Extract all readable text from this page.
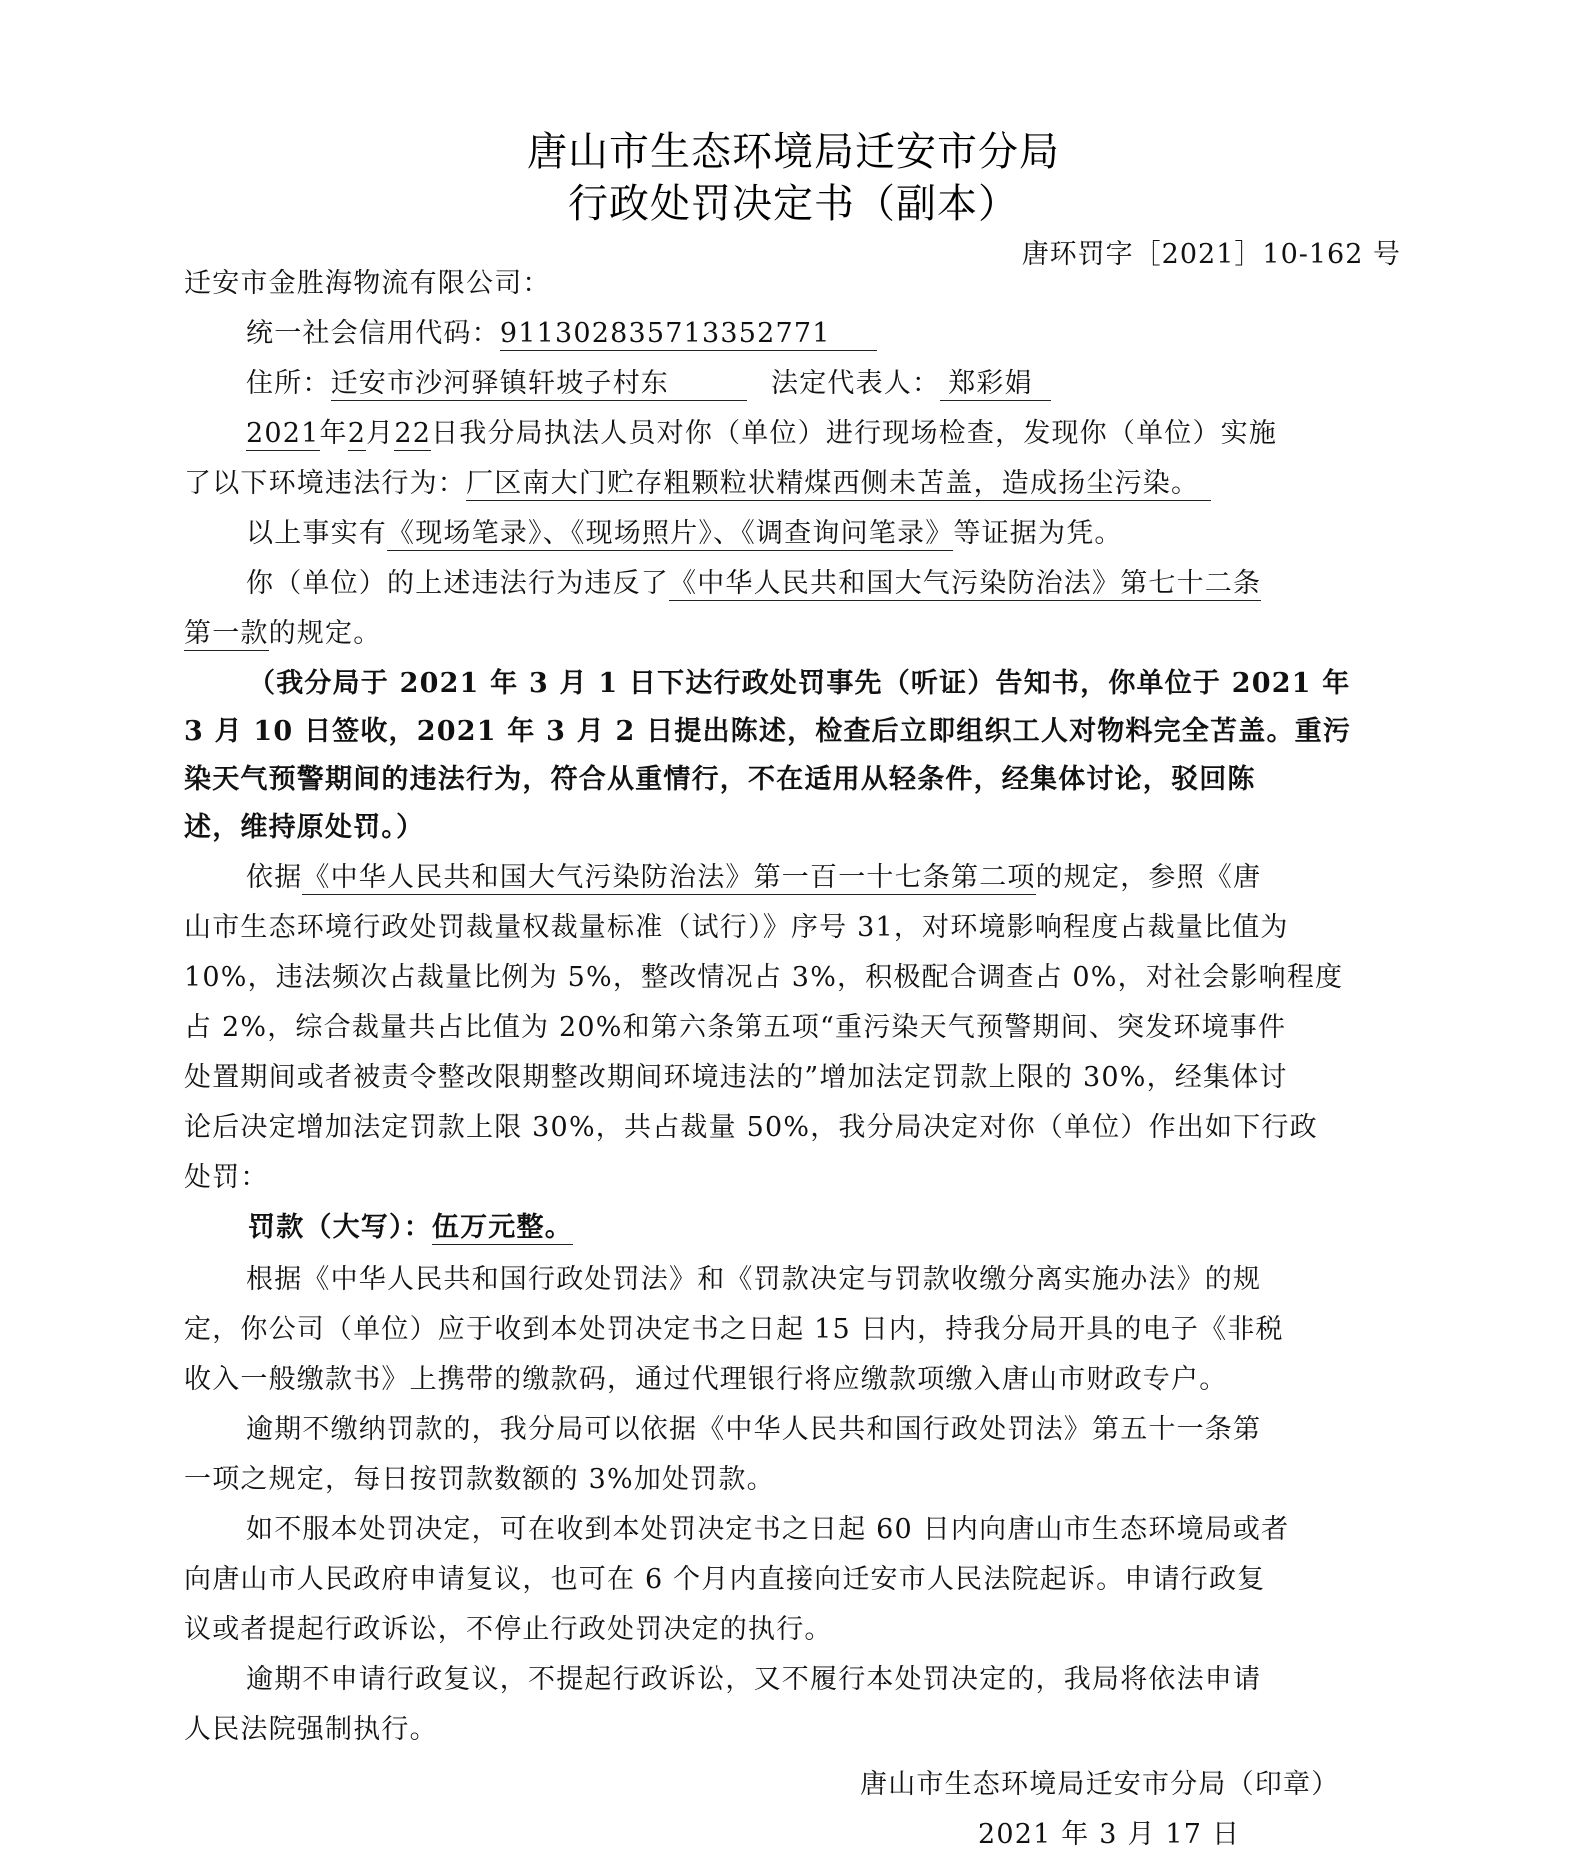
唐山市生态环境局迁安市分局
行政处罚决定书（副本）
唐环罚字［2021］10-162 号
迁安市金胜海物流有限公司：
统一社会信用代码：911302835713352771
住所：迁安市沙河驿镇轩坡子村东	法定代表人： 郑彩娟
2021年2月22日我分局执法人员对你（单位）进行现场检查，发现你（单位）实施
了以下环境违法行为：厂区南大门贮存粗颗粒状精煤西侧未苫盖，造成扬尘污染。
以上事实有《现场笔录》、《现场照片》、《调查询问笔录》等证据为凭。
你（单位）的上述违法行为违反了《中华人民共和国大气污染防治法》第七十二条
第一款的规定。
（我分局于 2021 年 3 月 1 日下达行政处罚事先（听证）告知书，你单位于 2021 年
3 月 10 日签收，2021 年 3 月 2 日提出陈述，检查后立即组织工人对物料完全苫盖。重污
染天气预警期间的违法行为，符合从重情行，不在适用从轻条件，经集体讨论，驳回陈
述，维持原处罚。）
依据《中华人民共和国大气污染防治法》第一百一十七条第二项的规定，参照《唐
山市生态环境行政处罚裁量权裁量标准（试行）》序号 31，对环境影响程度占裁量比值为
10%，违法频次占裁量比例为 5%，整改情况占 3%，积极配合调查占 0%，对社会影响程度
占 2%，综合裁量共占比值为 20%和第六条第五项“重污染天气预警期间、突发环境事件
处置期间或者被责令整改限期整改期间环境违法的”增加法定罚款上限的 30%，经集体讨
论后决定增加法定罚款上限 30%，共占裁量 50%，我分局决定对你（单位）作出如下行政
处罚：
罚款（大写）：伍万元整。
根据《中华人民共和国行政处罚法》和《罚款决定与罚款收缴分离实施办法》的规
定，你公司（单位）应于收到本处罚决定书之日起 15 日内，持我分局开具的电子《非税
收入一般缴款书》上携带的缴款码，通过代理银行将应缴款项缴入唐山市财政专户。
逾期不缴纳罚款的，我分局可以依据《中华人民共和国行政处罚法》第五十一条第
一项之规定，每日按罚款数额的 3%加处罚款。
如不服本处罚决定，可在收到本处罚决定书之日起 60 日内向唐山市生态环境局或者
向唐山市人民政府申请复议，也可在 6 个月内直接向迁安市人民法院起诉。申请行政复
议或者提起行政诉讼，不停止行政处罚决定的执行。
逾期不申请行政复议，不提起行政诉讼，又不履行本处罚决定的，我局将依法申请
人民法院强制执行。
唐山市生态环境局迁安市分局（印章）
2021 年 3 月 17 日
